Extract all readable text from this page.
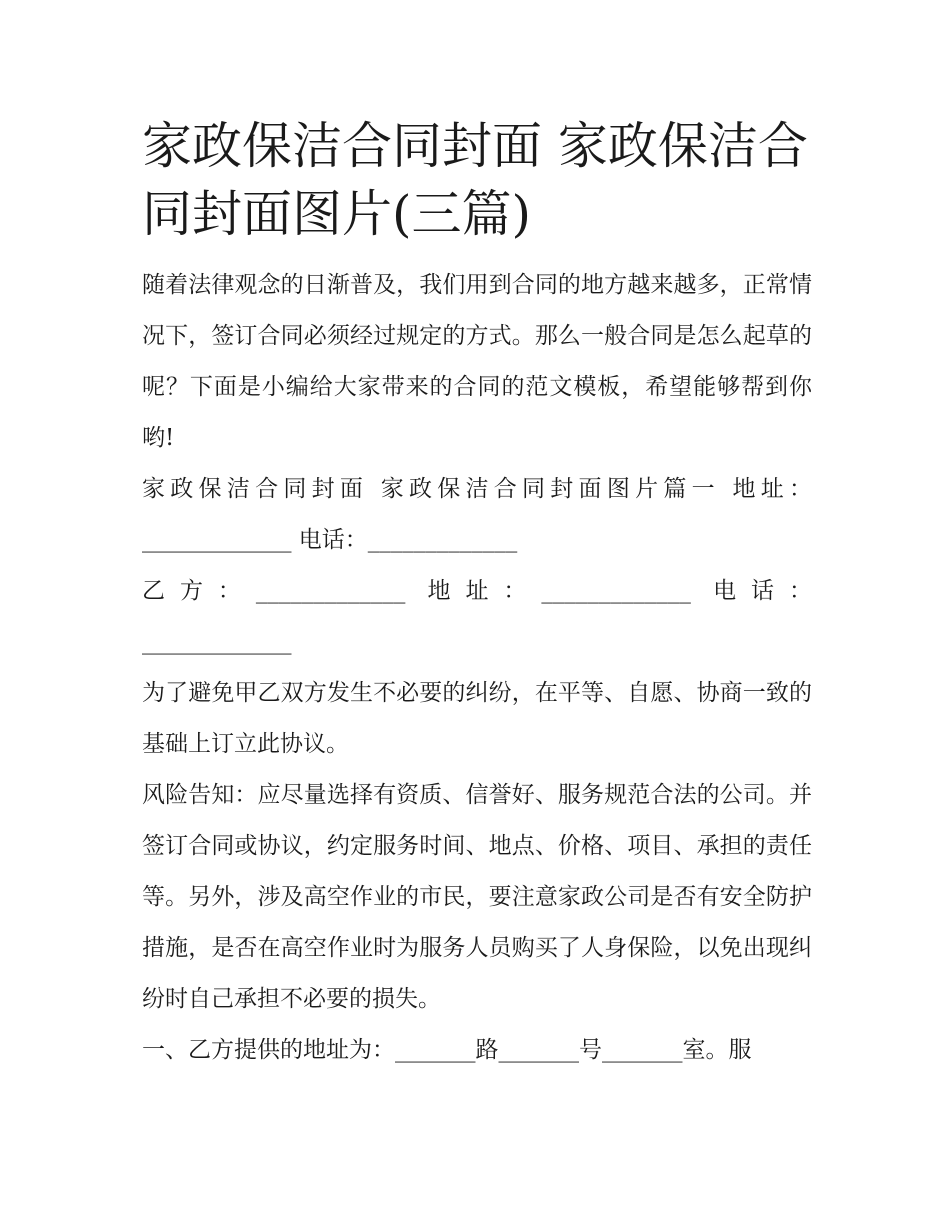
家政保洁合同封面 家政保洁合同封面图片(三篇)

随着法律观念的日渐普及，我们用到合同的地方越来越多，正常情况下，签订合同必须经过规定的方式。那么一般合同是怎么起草的呢？下面是小编给大家带来的合同的范文模板，希望能够帮到你哟!

家政保洁合同封面 家政保洁合同封面图片篇一 地址：_____________ 电话：_____________

乙方：_____________ 地址：_____________ 电话：_____________

为了避免甲乙双方发生不必要的纠纷，在平等、自愿、协商一致的基础上订立此协议。

风险告知：应尽量选择有资质、信誉好、服务规范合法的公司。并签订合同或协议，约定服务时间、地点、价格、项目、承担的责任等。另外，涉及高空作业的市民，要注意家政公司是否有安全防护措施，是否在高空作业时为服务人员购买了人身保险，以免出现纠纷时自己承担不必要的损失。

一、乙方提供的地址为：_______路_______号_______室。服
